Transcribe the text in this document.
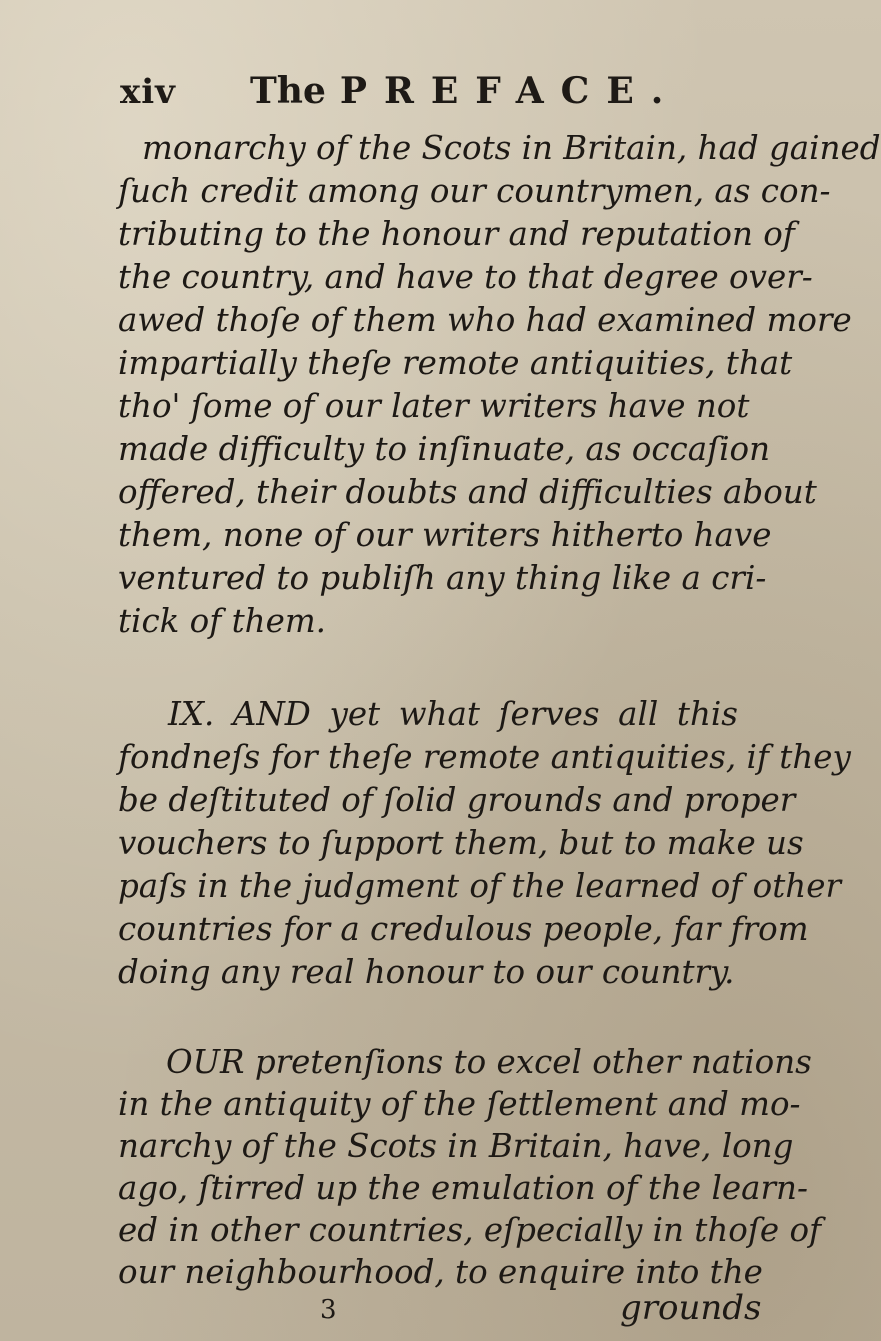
xiv The PREFACE.
monarchy of the Scots in Britain, had gained
ſuch credit among our countrymen, as con-
tributing to the honour and reputation of
the country, and have to that degree over-
awed thoſe of them who had examined more
impartially theſe remote antiquities, that
tho' ſome of our later writers have not
made difficulty to inſinuate, as occaſion
offered, their doubts and difficulties about
them, none of our writers hitherto have
ventured to publiſh any thing like a cri-
tick of them.
IX. AND yet what ſerves all this
fondneſs for theſe remote antiquities, if they
be deſtituted of ſolid grounds and proper
vouchers to ſupport them, but to make us
paſs in the judgment of the learned of other
countries for a credulous people, far from
doing any real honour to our country.
OUR pretenſions to excel other nations
in the antiquity of the ſettlement and mo-
narchy of the Scots in Britain, have, long
ago, ſtirred up the emulation of the learn-
ed in other countries, eſpecially in thoſe of
our neighbourhood, to enquire into the
3	grounds
